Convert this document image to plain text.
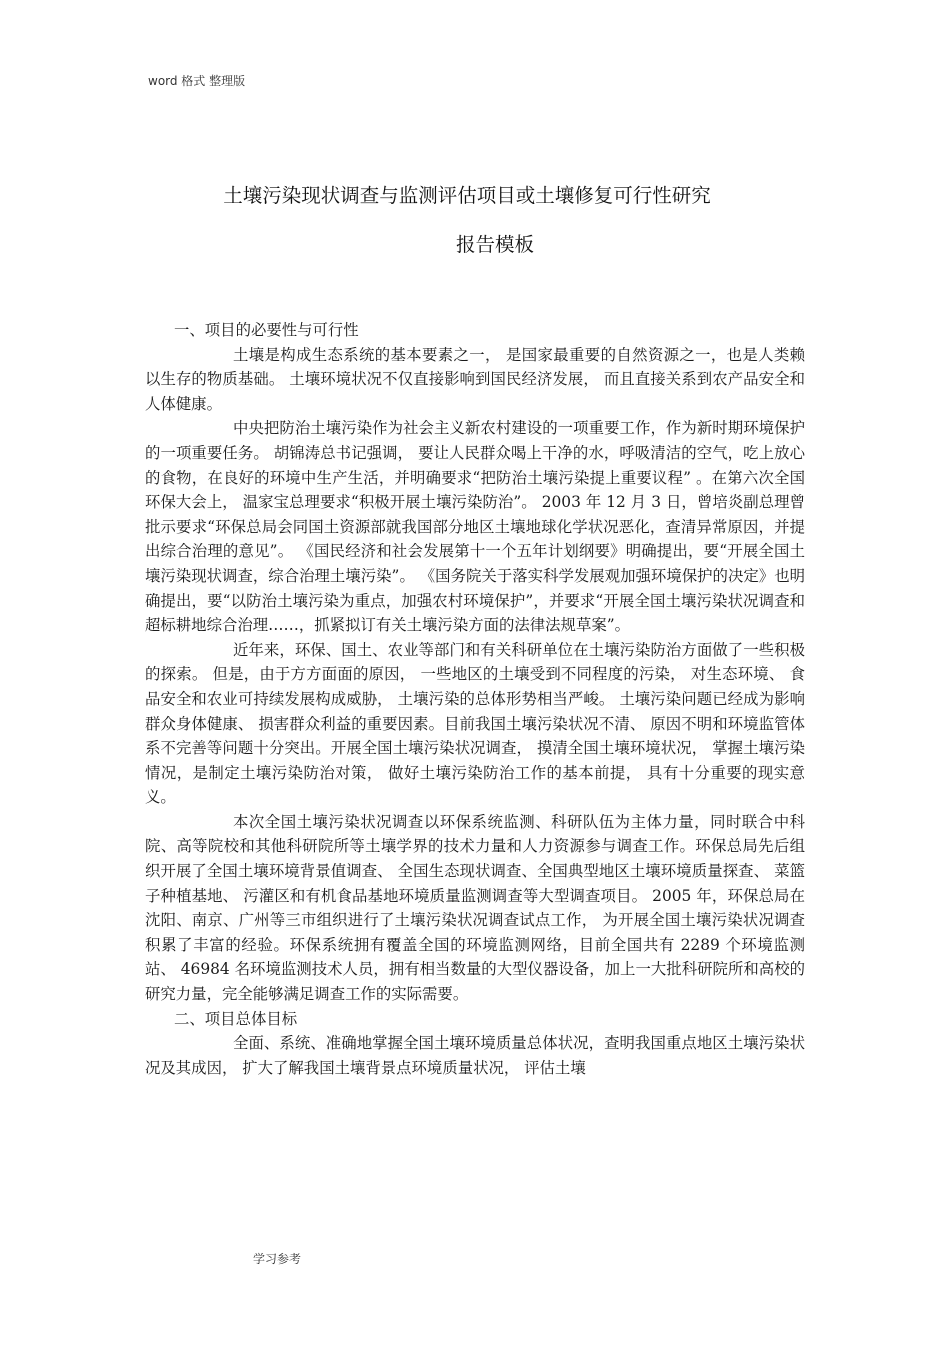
word 格式 整理版
土壤污染现状调查与监测评估项目或土壤修复可行性研究
报告模板

一、项目的必要性与可行性

土壤是构成生态系统的基本要素之一， 是国家最重要的自然资源之一，也是人类赖以生存的物质基础。 土壤环境状况不仅直接影响到国民经济发展， 而且直接关系到农产品安全和人体健康。

中央把防治土壤污染作为社会主义新农村建设的一项重要工作，作为新时期环境保护的一项重要任务。 胡锦涛总书记强调， 要让人民群众喝上干净的水，呼吸清洁的空气，吃上放心的食物，在良好的环境中生产生活，并明确要求“把防治土壤污染提上重要议程” 。在第六次全国环保大会上， 温家宝总理要求“积极开展土壤污染防治”。 2003 年 12 月 3 日，曾培炎副总理曾批示要求“环保总局会同国土资源部就我国部分地区土壤地球化学状况恶化，查清异常原因，并提出综合治理的意见”。 《国民经济和社会发展第十一个五年计划纲要》明确提出，要“开展全国土壤污染现状调查，综合治理土壤污染”。 《国务院关于落实科学发展观加强环境保护的决定》也明确提出，要“以防治土壤污染为重点，加强农村环境保护”，并要求“开展全国土壤污染状况调查和超标耕地综合治理……，抓紧拟订有关土壤污染方面的法律法规草案”。

近年来，环保、国土、农业等部门和有关科研单位在土壤污染防治方面做了一些积极的探索。 但是，由于方方面面的原因， 一些地区的土壤受到不同程度的污染， 对生态环境、 食品安全和农业可持续发展构成威胁， 土壤污染的总体形势相当严峻。 土壤污染问题已经成为影响群众身体健康、 损害群众利益的重要因素。目前我国土壤污染状况不清、 原因不明和环境监管体系不完善等问题十分突出。开展全国土壤污染状况调查， 摸清全国土壤环境状况， 掌握土壤污染情况，是制定土壤污染防治对策， 做好土壤污染防治工作的基本前提， 具有十分重要的现实意义。

本次全国土壤污染状况调查以环保系统监测、科研队伍为主体力量，同时联合中科院、高等院校和其他科研院所等土壤学界的技术力量和人力资源参与调查工作。环保总局先后组织开展了全国土壤环境背景值调查、 全国生态现状调查、全国典型地区土壤环境质量探查、 菜篮子种植基地、 污灌区和有机食品基地环境质量监测调查等大型调查项目。 2005 年，环保总局在沈阳、南京、广州等三市组织进行了土壤污染状况调查试点工作， 为开展全国土壤污染状况调查积累了丰富的经验。环保系统拥有覆盖全国的环境监测网络，目前全国共有 2289 个环境监测站、 46984 名环境监测技术人员，拥有相当数量的大型仪器设备，加上一大批科研院所和高校的研究力量，完全能够满足调查工作的实际需要。

二、项目总体目标

全面、系统、准确地掌握全国土壤环境质量总体状况，查明我国重点地区土壤污染状况及其成因， 扩大了解我国土壤背景点环境质量状况， 评估土壤

学习参考
